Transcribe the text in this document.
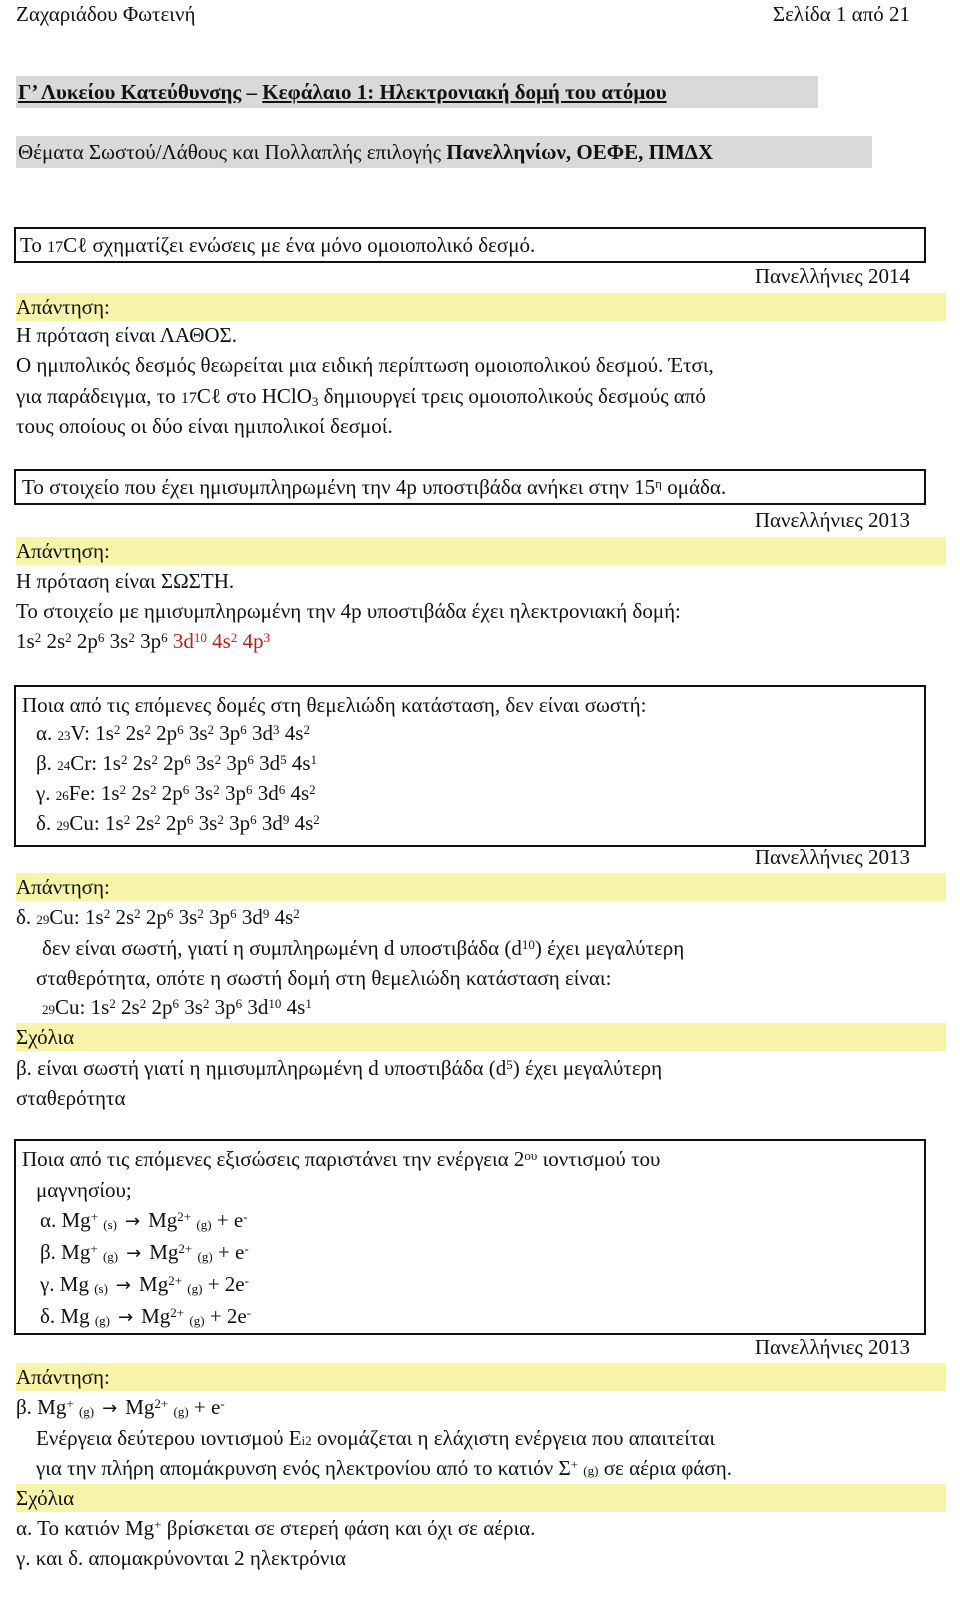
Ζαχαριάδου Φωτεινή	Σελίδα 1 από 21
Γ’ Λυκείου Κατεύθυνσης – Κεφάλαιο 1: Ηλεκτρονιακή δομή του ατόμου
Θέματα Σωστού/Λάθους και Πολλαπλής επιλογής Πανελληνίων, ΟΕΦΕ, ΠΜΔΧ
Το 17Cℓ σχηματίζει ενώσεις με ένα μόνο ομοιοπολικό δεσμό.
Πανελλήνιες 2014
Απάντηση:
Η πρόταση είναι ΛΑΘΟΣ.
Ο ημιπολικός δεσμός θεωρείται μια ειδική περίπτωση ομοιοπολικού δεσμού. Έτσι,
για παράδειγμα, το 17Cℓ στο HClO$_3$ δημιουργεί τρεις ομοιοπολικούς δεσμούς από
τους οποίους οι δύο είναι ημιπολικοί δεσμοί.
Το στοιχείο που έχει ημισυμπληρωμένη την 4p υποστιβάδα ανήκει στην $15^\eta$ ομάδα.
Πανελλήνιες 2013
Απάντηση:
Η πρόταση είναι ΣΩΣΤΗ.
Το στοιχείο με ημισυμπληρωμένη την 4p υποστιβάδα έχει ηλεκτρονιακή δομή:
$1s^2$ $2s^2$ $2p^6$ $3s^2$ $3p^6$ $3d^{10}$ $4s^2$ $4p^3$
Ποια από τις επόμενες δομές στη θεμελιώδη κατάσταση, δεν είναι σωστή:
α. $_{23}$V: $1s^2$ $2s^2$ $2p^6$ $3s^2$ $3p^6$ $3d^3$ $4s^2$
β. $_{24}$Cr: $1s^2$ $2s^2$ $2p^6$ $3s^2$ $3p^6$ $3d^5$ $4s^1$
γ. $_{26}$Fe: $1s^2$ $2s^2$ $2p^6$ $3s^2$ $3p^6$ $3d^6$ $4s^2$
δ. $_{29}$Cu: $1s^2$ $2s^2$ $2p^6$ $3s^2$ $3p^6$ $3d^9$ $4s^2$
Πανελλήνιες 2013
Απάντηση:
δ. $_{29}$Cu: $1s^2$ $2s^2$ $2p^6$ $3s^2$ $3p^6$ $3d^9$ $4s^2$
δεν είναι σωστή, γιατί η συμπληρωμένη d υποστιβάδα $(d^{10})$ έχει μεγαλύτερη
σταθερότητα, οπότε η σωστή δομή στη θεμελιώδη κατάσταση είναι:
$_{29}$Cu: $1s^2$ $2s^2$ $2p^6$ $3s^2$ $3p^6$ $3d^{10}$ $4s^1$
Σχόλια
β. είναι σωστή γιατί η ημισυμπληρωμένη d υποστιβάδα $(d^5)$ έχει μεγαλύτερη
σταθερότητα
Ποια από τις επόμενες εξισώσεις παριστάνει την ενέργεια $2^{o\upsilon}$ ιοντισμού του
μαγνησίου;
α. Mg+ $_{(s)} \to Mg^{2+}$ $_{(g)}$ + e-
β. Mg+ $_{(g)} \to Mg^{2+}$ $_{(g)}$ + e-
γ. Mg $_{(s)} \to Mg^{2+}$ $_{(g)}$ + 2e-
δ. Mg $_{(g)} \to Mg^{2+}$ $_{(g)}$ + 2e-
Πανελλήνιες 2013
Απάντηση:
β. Mg+ $_{(g)} \to Mg^{2+}$ $_{(g)}$ + e-
Ενέργεια δεύτερου ιοντισμού $E_{i2}$ ονομάζεται η ελάχιστη ενέργεια που απαιτείται
για την πλήρη απομάκρυνση ενός ηλεκτρονίου από το κατιόν Σ+ $_{(g)}$ σε αέρια φάση.
Σχόλια
α. Το κατιόν Mg+ βρίσκεται σε στερεή φάση και όχι σε αέρια.
γ. και δ. απομακρύνονται 2 ηλεκτρόνια
